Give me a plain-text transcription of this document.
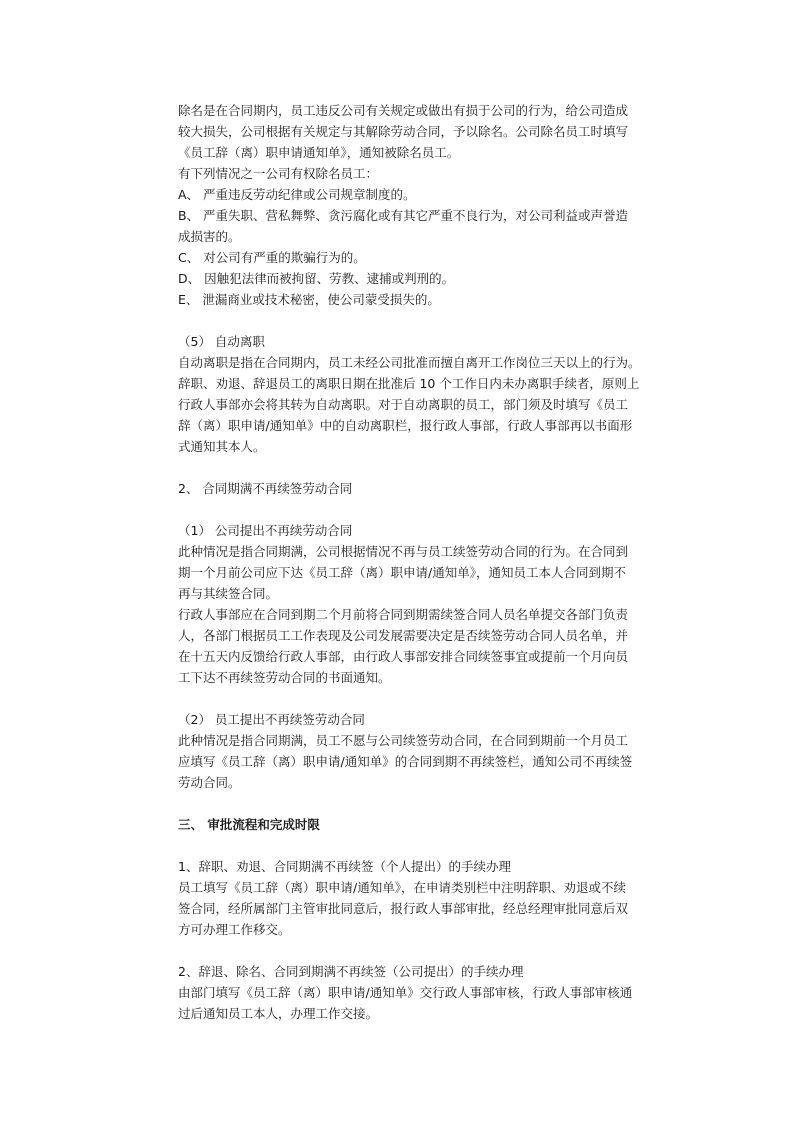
除名是在合同期内，员工违反公司有关规定或做出有损于公司的行为，给公司造成
较大损失，公司根据有关规定与其解除劳动合同，予以除名。公司除名员工时填写
《员工辞（离）职申请通知单》，通知被除名员工。
有下列情况之一公司有权除名员工：
A、 严重违反劳动纪律或公司规章制度的。
B、 严重失职、营私舞弊、贪污腐化或有其它严重不良行为，对公司利益或声誉造
成损害的。
C、 对公司有严重的欺骗行为的。
D、 因触犯法律而被拘留、劳教、逮捕或判刑的。
E、 泄漏商业或技术秘密，使公司蒙受损失的。
（5） 自动离职
自动离职是指在合同期内，员工未经公司批准而擅自离开工作岗位三天以上的行为。
辞职、劝退、辞退员工的离职日期在批准后 10 个工作日内未办离职手续者，原则上
行政人事部亦会将其转为自动离职。对于自动离职的员工，部门须及时填写《员工
辞（离）职申请/通知单》中的自动离职栏，报行政人事部，行政人事部再以书面形
式通知其本人。
2、 合同期满不再续签劳动合同
（1） 公司提出不再续劳动合同
此种情况是指合同期满，公司根据情况不再与员工续签劳动合同的行为。在合同到
期一个月前公司应下达《员工辞（离）职申请/通知单》，通知员工本人合同到期不
再与其续签合同。
行政人事部应在合同到期二个月前将合同到期需续签合同人员名单提交各部门负责
人，各部门根据员工工作表现及公司发展需要决定是否续签劳动合同人员名单，并
在十五天内反馈给行政人事部，由行政人事部安排合同续签事宜或提前一个月向员
工下达不再续签劳动合同的书面通知。
（2） 员工提出不再续签劳动合同
此种情况是指合同期满，员工不愿与公司续签劳动合同，在合同到期前一个月员工
应填写《员工辞（离）职申请/通知单》的合同到期不再续签栏，通知公司不再续签
劳动合同。
三、 审批流程和完成时限
1、辞职、劝退、合同期满不再续签（个人提出）的手续办理
员工填写《员工辞（离）职申请/通知单》，在申请类别栏中注明辞职、劝退或不续
签合同，经所属部门主管审批同意后，报行政人事部审批，经总经理审批同意后双
方可办理工作移交。
2、辞退、除名、合同到期满不再续签（公司提出）的手续办理
由部门填写《员工辞（离）职申请/通知单》交行政人事部审核，行政人事部审核通
过后通知员工本人，办理工作交接。
